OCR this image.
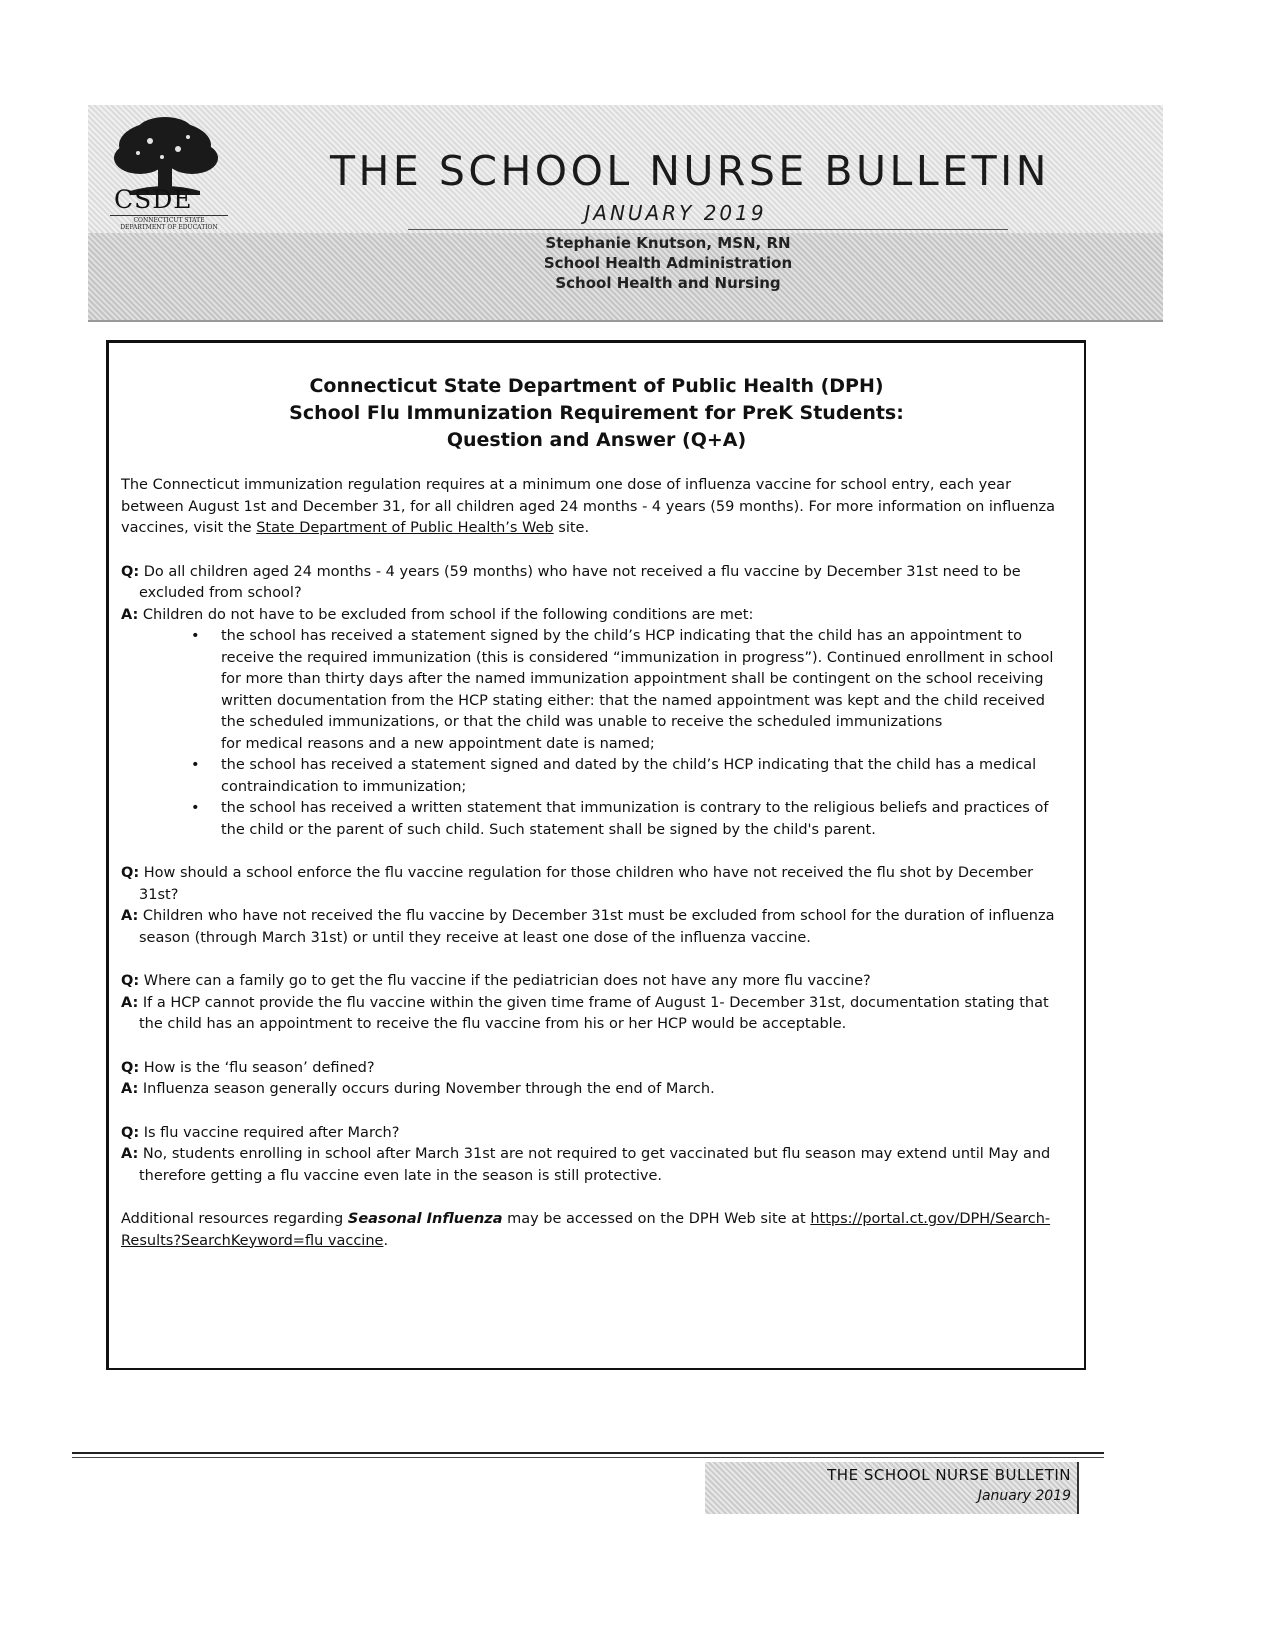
CSDE
CONNECTICUT STATE
DEPARTMENT OF EDUCATION
THE SCHOOL NURSE BULLETIN
JANUARY 2019
Stephanie Knutson, MSN, RN
School Health Administration
School Health and Nursing
Connecticut State Department of Public Health (DPH)
School Flu Immunization Requirement for PreK Students:
Question and Answer (Q+A)

The Connecticut immunization regulation requires at a minimum one dose of influenza vaccine for school entry, each year between August 1st and December 31, for all children aged 24 months - 4 years (59 months). For more information on influenza vaccines, visit the State Department of Public Health’s Web site.

Q: Do all children aged 24 months - 4 years (59 months) who have not received a flu vaccine by December 31st need to be excluded from school?

A: Children do not have to be excluded from school if the following conditions are met:

• the school has received a statement signed by the child’s HCP indicating that the child has an appointment to receive the required immunization (this is considered “immunization in progress”). Continued enrollment in school for more than thirty days after the named immunization appointment shall be contingent on the school receiving written documentation from the HCP stating either: that the named appointment was kept and the child received the scheduled immunizations, or that the child was unable to receive the scheduled immunizations
for medical reasons and a new appointment date is named;
• the school has received a statement signed and dated by the child’s HCP indicating that the child has a medical contraindication to immunization;
• the school has received a written statement that immunization is contrary to the religious beliefs and practices of the child or the parent of such child. Such statement shall be signed by the child's parent.

Q: How should a school enforce the flu vaccine regulation for those children who have not received the flu shot by December 31st?

A: Children who have not received the flu vaccine by December 31st must be excluded from school for the duration of influenza season (through March 31st) or until they receive at least one dose of the influenza vaccine.

Q: Where can a family go to get the flu vaccine if the pediatrician does not have any more flu vaccine?

A: If a HCP cannot provide the flu vaccine within the given time frame of August 1- December 31st, documentation stating that the child has an appointment to receive the flu vaccine from his or her HCP would be acceptable.

Q: How is the ‘flu season’ defined?

A: Influenza season generally occurs during November through the end of March.

Q: Is flu vaccine required after March?

A: No, students enrolling in school after March 31st are not required to get vaccinated but flu season may extend until May and therefore getting a flu vaccine even late in the season is still protective.

Additional resources regarding Seasonal Influenza may be accessed on the DPH Web site at https://portal.ct.gov/DPH/Search-Results?SearchKeyword=flu vaccine.

THE SCHOOL NURSE BULLETIN
January 2019
